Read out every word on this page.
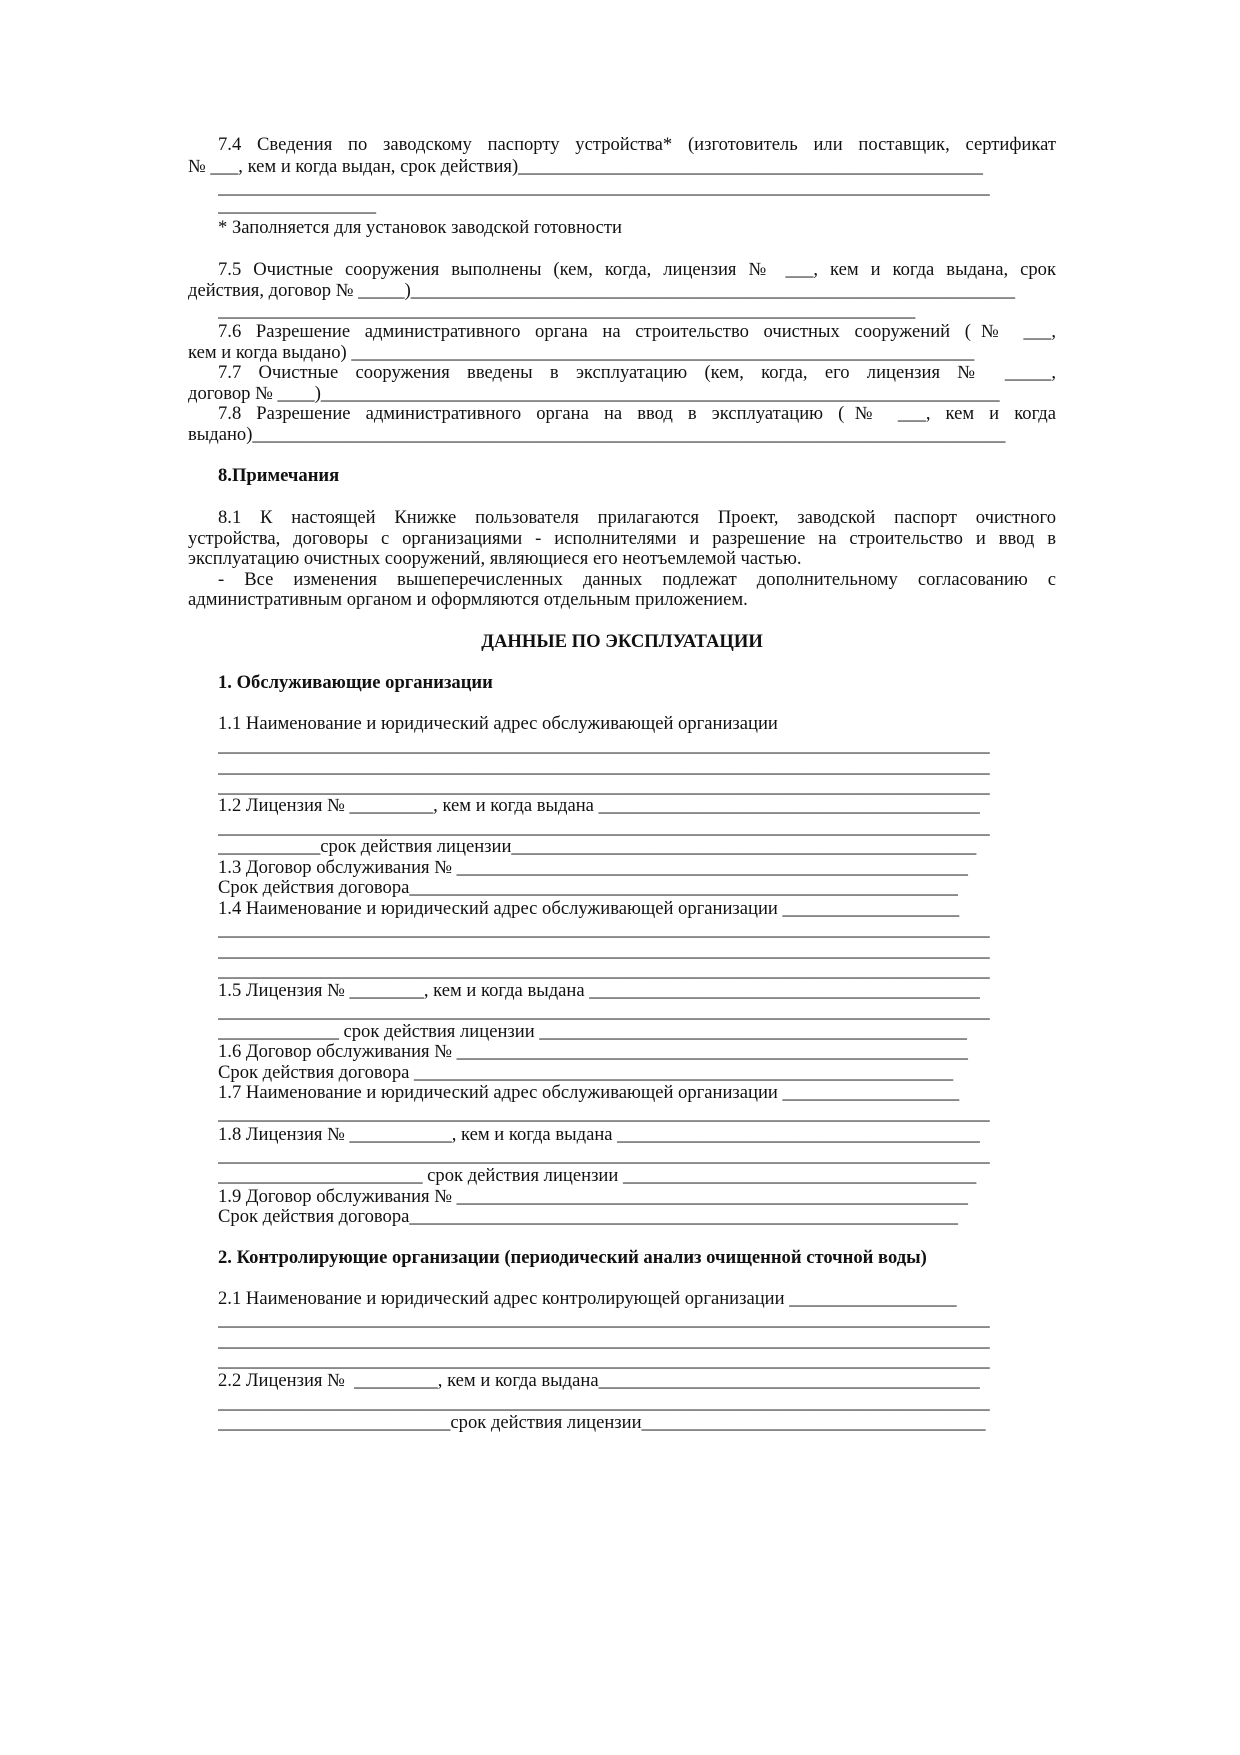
7.4 Сведения по заводскому паспорту устройства* (изготовитель или поставщик, сертификат
№ ___, кем и когда выдан, срок действия)__________________________________________________
___________________________________________________________________________________
_________________
* Заполняется для установок заводской готовности
7.5 Очистные сооружения выполнены (кем, когда, лицензия № ___, кем и когда выдана, срок
действия, договор № _____)_________________________________________________________________
___________________________________________________________________________
7.6 Разрешение административного органа на строительство очистных сооружений (№ ___,
кем и когда выдано) ___________________________________________________________________
7.7 Очистные сооружения введены в эксплуатацию (кем, когда, его лицензия № _____,
договор № ____)_________________________________________________________________________
7.8 Разрешение административного органа на ввод в эксплуатацию (№ ___, кем и когда
выдано)_________________________________________________________________________________
8.Примечания
8.1 К настоящей Книжке пользователя прилагаются Проект, заводской паспорт очистного
устройства, договоры с организациями - исполнителями и разрешение на строительство и ввод в
эксплуатацию очистных сооружений, являющиеся его неотъемлемой частью.
- Все изменения вышеперечисленных данных подлежат дополнительному согласованию с
административным органом и оформляются отдельным приложением.
ДАННЫЕ ПО ЭКСПЛУАТАЦИИ
1. Обслуживающие организации
1.1 Наименование и юридический адрес обслуживающей организации
___________________________________________________________________________________
___________________________________________________________________________________
___________________________________________________________________________________
1.2 Лицензия № _________, кем и когда выдана _________________________________________
___________________________________________________________________________________
___________срок действия лицензии__________________________________________________
1.3 Договор обслуживания № _______________________________________________________
Срок действия договора___________________________________________________________
1.4 Наименование и юридический адрес обслуживающей организации ___________________
___________________________________________________________________________________
___________________________________________________________________________________
___________________________________________________________________________________
1.5 Лицензия № ________, кем и когда выдана __________________________________________
___________________________________________________________________________________
_____________ срок действия лицензии ______________________________________________
1.6 Договор обслуживания № _______________________________________________________
Срок действия договора __________________________________________________________
1.7 Наименование и юридический адрес обслуживающей организации ___________________
___________________________________________________________________________________
1.8 Лицензия № ___________, кем и когда выдана _______________________________________
___________________________________________________________________________________
______________________ срок действия лицензии ______________________________________
1.9 Договор обслуживания № _______________________________________________________
Срок действия договора___________________________________________________________
2. Контролирующие организации (периодический анализ очищенной сточной воды)
2.1 Наименование и юридический адрес контролирующей организации __________________
___________________________________________________________________________________
___________________________________________________________________________________
___________________________________________________________________________________
2.2 Лицензия №  _________, кем и когда выдана_________________________________________
___________________________________________________________________________________
_________________________срок действия лицензии_____________________________________
